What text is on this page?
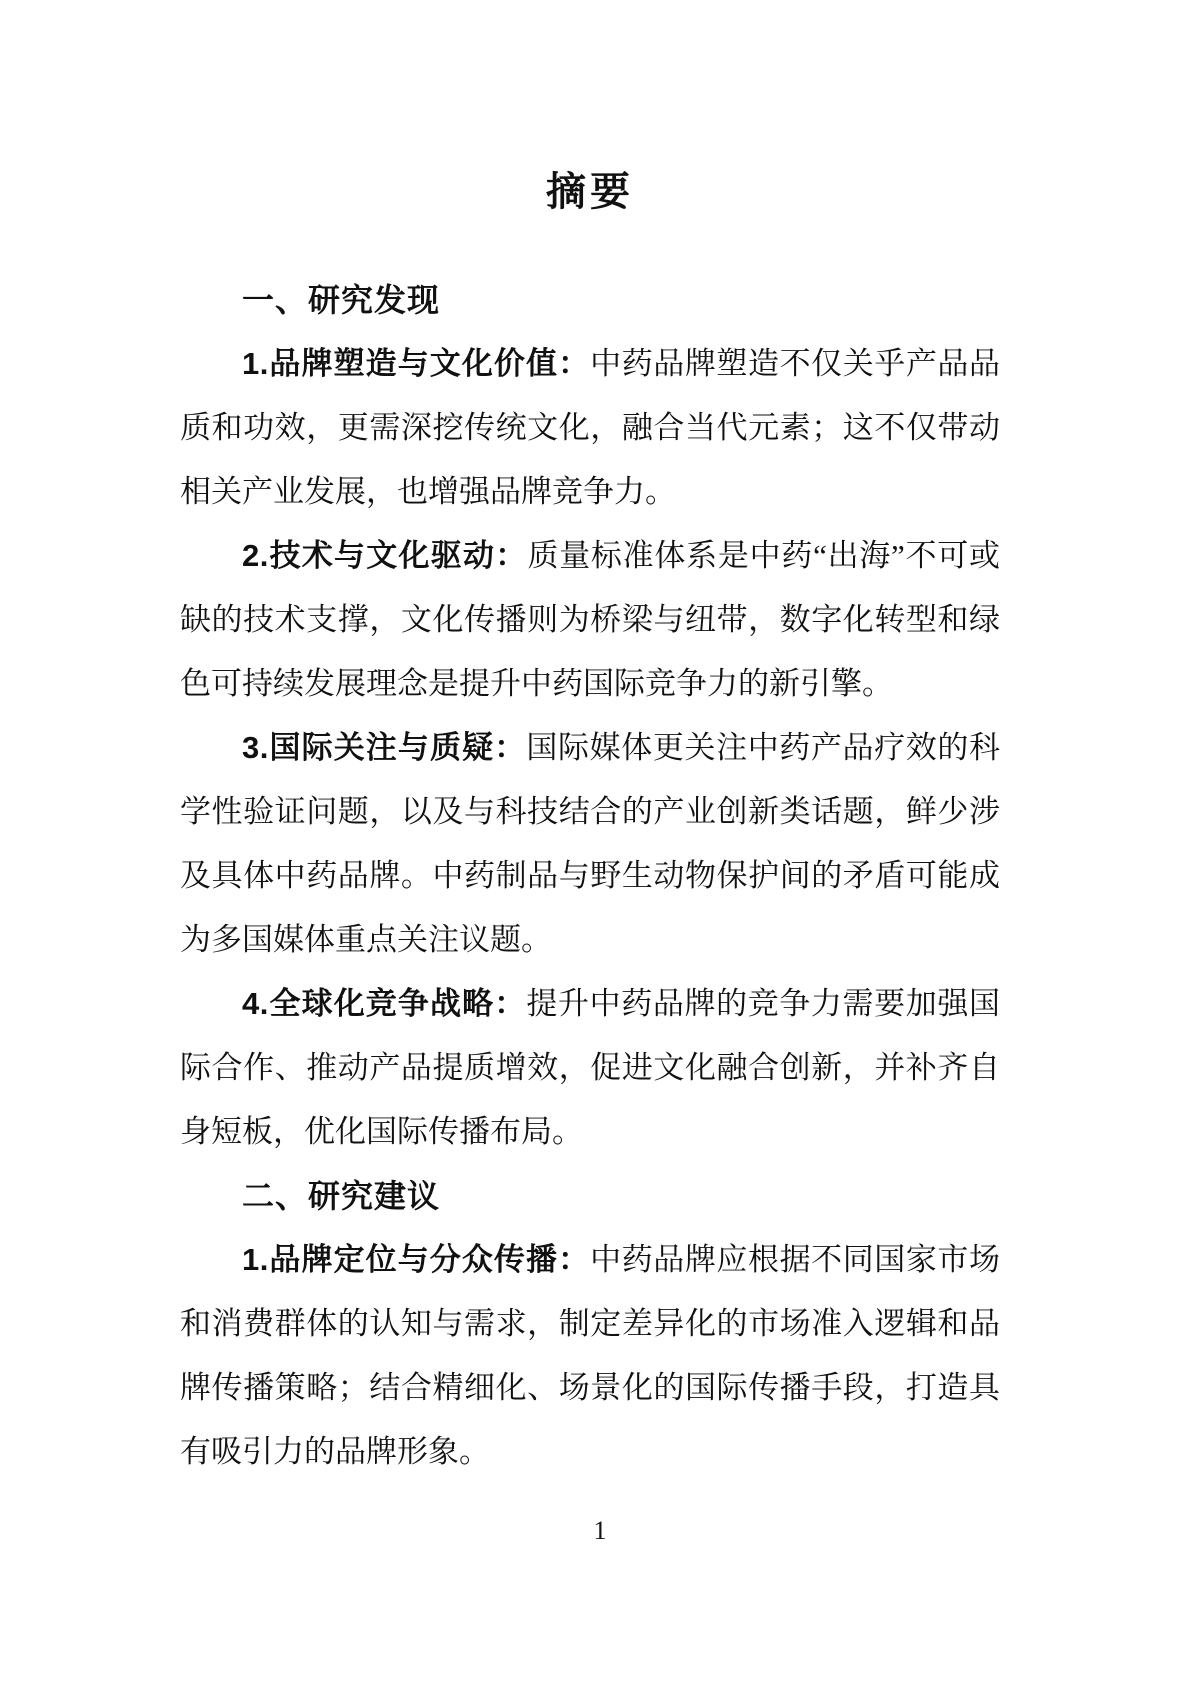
摘要
一、研究发现

1.品牌塑造与文化价值：中药品牌塑造不仅关乎产品品质和功效，更需深挖传统文化，融合当代元素；这不仅带动相关产业发展，也增强品牌竞争力。

2.技术与文化驱动：质量标准体系是中药“出海”不可或缺的技术支撑，文化传播则为桥梁与纽带，数字化转型和绿色可持续发展理念是提升中药国际竞争力的新引擎。

3.国际关注与质疑：国际媒体更关注中药产品疗效的科学性验证问题，以及与科技结合的产业创新类话题，鲜少涉及具体中药品牌。中药制品与野生动物保护间的矛盾可能成为多国媒体重点关注议题。

4.全球化竞争战略：提升中药品牌的竞争力需要加强国际合作、推动产品提质增效，促进文化融合创新，并补齐自身短板，优化国际传播布局。

二、研究建议

1.品牌定位与分众传播：中药品牌应根据不同国家市场和消费群体的认知与需求，制定差异化的市场准入逻辑和品牌传播策略；结合精细化、场景化的国际传播手段，打造具有吸引力的品牌形象。

1
